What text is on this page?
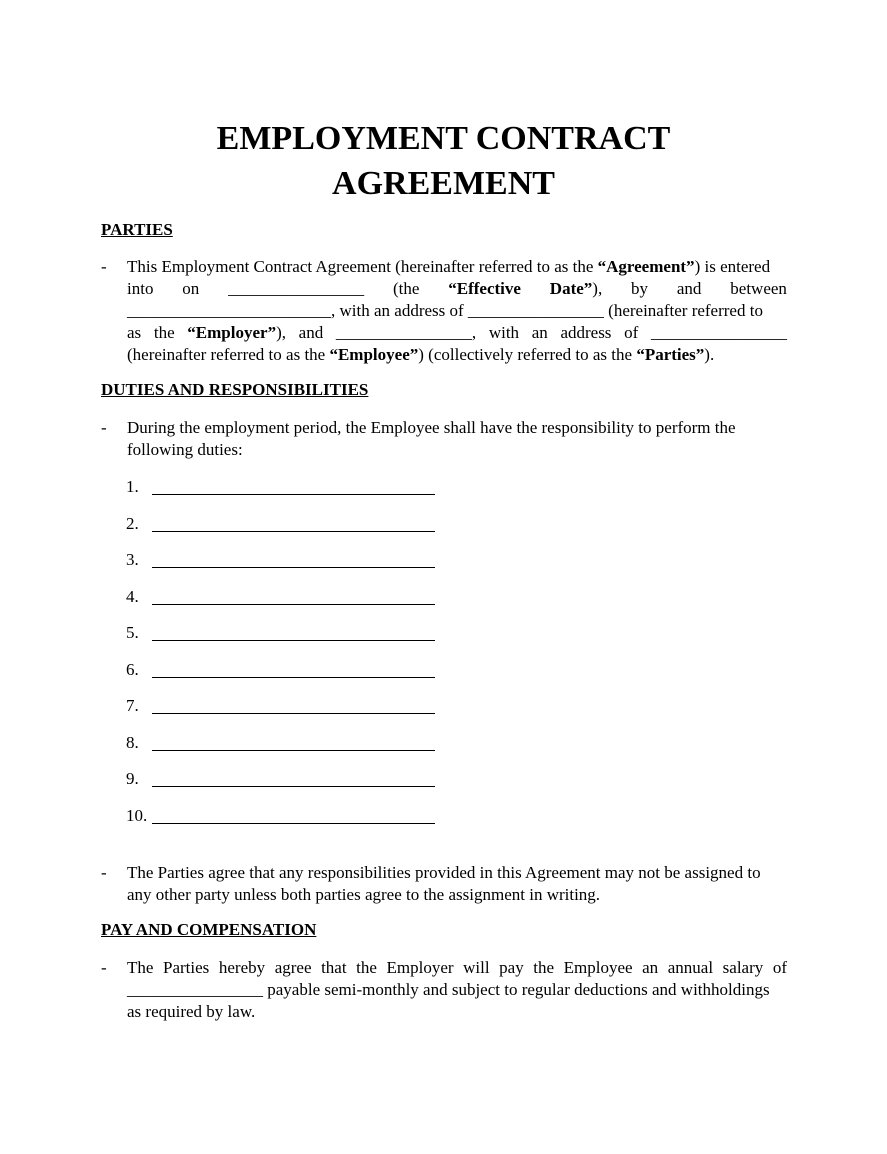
EMPLOYMENT CONTRACT
AGREEMENT
PARTIES
- This Employment Contract Agreement (hereinafter referred to as the “Agreement”) is entered
into on ________________ (the “Effective Date”), by and between
________________________, with an address of ________________ (hereinafter referred to
as the “Employer”), and ________________, with an address of ________________
(hereinafter referred to as the “Employee”) (collectively referred to as the “Parties”).
DUTIES AND RESPONSIBILITIES
- During the employment period, the Employee shall have the responsibility to perform the
following duties:
1.
2.
3.
4.
5.
6.
7.
8.
9.
10.
- The Parties agree that any responsibilities provided in this Agreement may not be assigned to
any other party unless both parties agree to the assignment in writing.
PAY AND COMPENSATION
- The Parties hereby agree that the Employer will pay the Employee an annual salary of
________________ payable semi-monthly and subject to regular deductions and withholdings
as required by law.
